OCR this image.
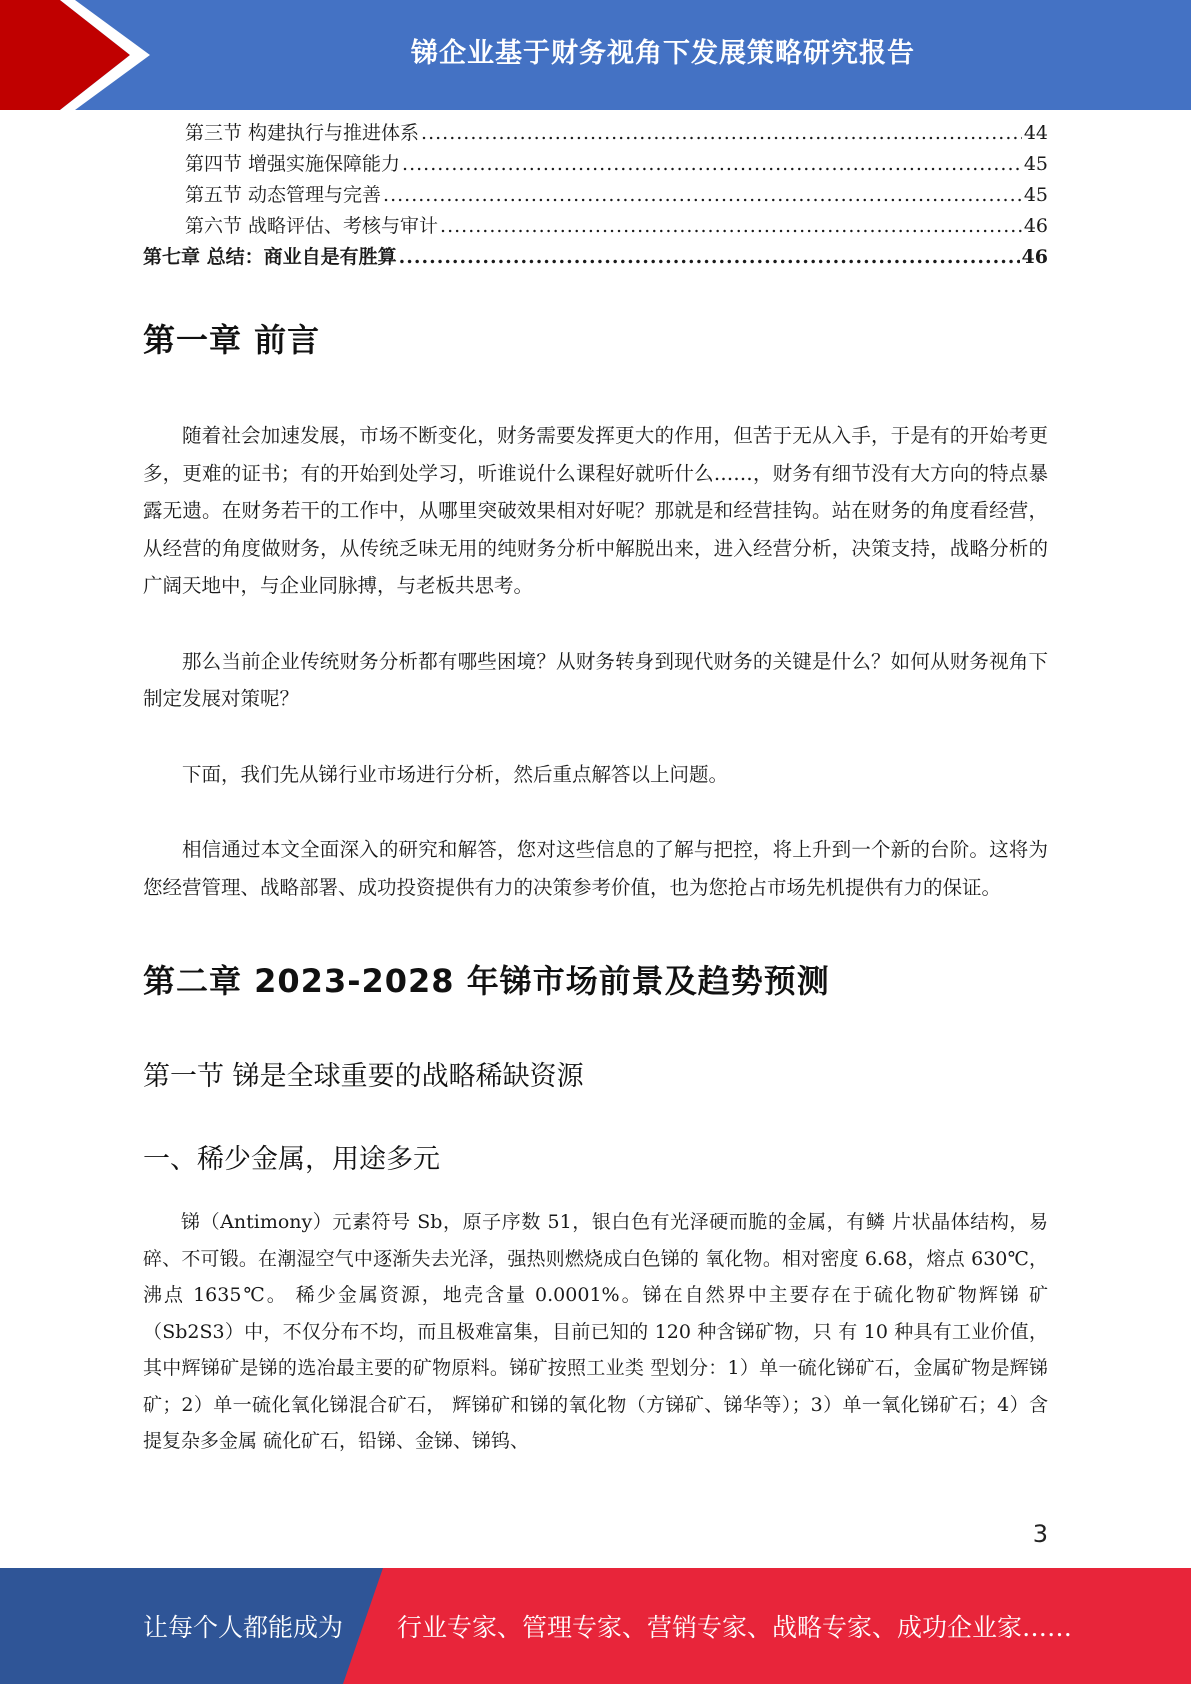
锑企业基于财务视角下发展策略研究报告
第三节 构建执行与推进体系 .....	44
第四节 增强实施保障能力 .....	45
第五节 动态管理与完善 .....	45
第六节 战略评估、考核与审计 .....	46
第七章 总结：商业自是有胜算 .....	46
第一章 前言

随着社会加速发展，市场不断变化，财务需要发挥更大的作用，但苦于无从入手，于是有的开始考更多，更难的证书；有的开始到处学习，听谁说什么课程好就听什么……，财务有细节没有大方向的特点暴露无遗。在财务若干的工作中，从哪里突破效果相对好呢？那就是和经营挂钩。站在财务的角度看经营，从经营的角度做财务，从传统乏味无用的纯财务分析中解脱出来，进入经营分析，决策支持，战略分析的广阔天地中，与企业同脉搏，与老板共思考。

那么当前企业传统财务分析都有哪些困境？从财务转身到现代财务的关键是什么？如何从财务视角下制定发展对策呢？

下面，我们先从锑行业市场进行分析，然后重点解答以上问题。

相信通过本文全面深入的研究和解答，您对这些信息的了解与把控，将上升到一个新的台阶。这将为您经营管理、战略部署、成功投资提供有力的决策参考价值，也为您抢占市场先机提供有力的保证。

第二章 2023-2028 年锑市场前景及趋势预测
第一节 锑是全球重要的战略稀缺资源
一、稀少金属，用途多元

锑（Antimony）元素符号 Sb，原子序数 51，银白色有光泽硬而脆的金属，有鳞 片状晶体结构，易碎、不可锻。在潮湿空气中逐渐失去光泽，强热则燃烧成白色锑的 氧化物。相对密度 6.68，熔点 630℃，沸点 1635℃。 稀少金属资源，地壳含量 0.0001%。锑在自然界中主要存在于硫化物矿物辉锑 矿（Sb2S3）中，不仅分布不均，而且极难富集，目前已知的 120 种含锑矿物，只 有 10 种具有工业价值，其中辉锑矿是锑的选冶最主要的矿物原料。锑矿按照工业类 型划分：1）单一硫化锑矿石，金属矿物是辉锑矿；2）单一硫化氧化锑混合矿石， 辉锑矿和锑的氧化物（方锑矿、锑华等）；3）单一氧化锑矿石；4）含提复杂多金属 硫化矿石，铅锑、金锑、锑钨、

3
让每个人都能成为 行业专家、管理专家、营销专家、战略专家、成功企业家……
